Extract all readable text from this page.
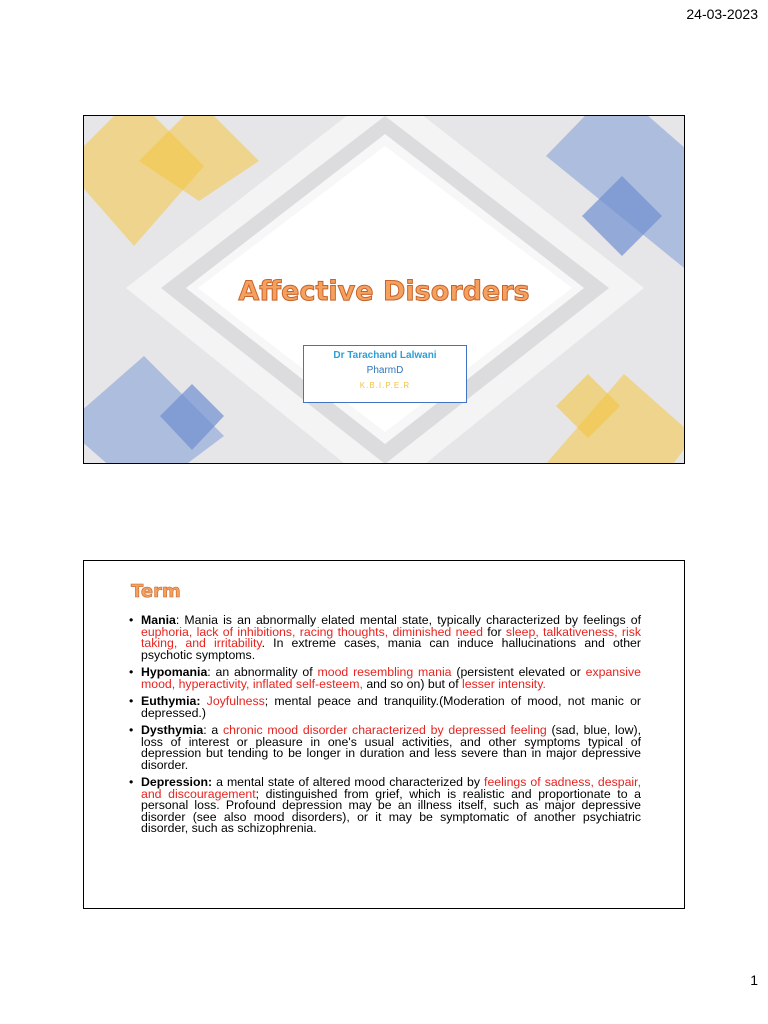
24-03-2023
Affective Disorders
Dr Tarachand Lalwani
PharmD
K.B.I.P.E.R
Term
• Mania: Mania is an abnormally elated mental state, typically characterized by feelings of euphoria, lack of inhibitions, racing thoughts, diminished need for sleep, talkativeness, risk taking, and irritability. In extreme cases, mania can induce hallucinations and other psychotic symptoms.
• Hypomania: an abnormality of mood resembling mania (persistent elevated or expansive mood, hyperactivity, inflated self-esteem, and so on) but of lesser intensity.
• Euthymia: Joyfulness; mental peace and tranquility.(Moderation of mood, not manic or depressed.)
• Dysthymia: a chronic mood disorder characterized by depressed feeling (sad, blue, low), loss of interest or pleasure in one's usual activities, and other symptoms typical of depression but tending to be longer in duration and less severe than in major depressive disorder.
• Depression: a mental state of altered mood characterized by feelings of sadness, despair, and discouragement; distinguished from grief, which is realistic and proportionate to a personal loss. Profound depression may be an illness itself, such as major depressive disorder (see also mood disorders), or it may be symptomatic of another psychiatric disorder, such as schizophrenia.
1
